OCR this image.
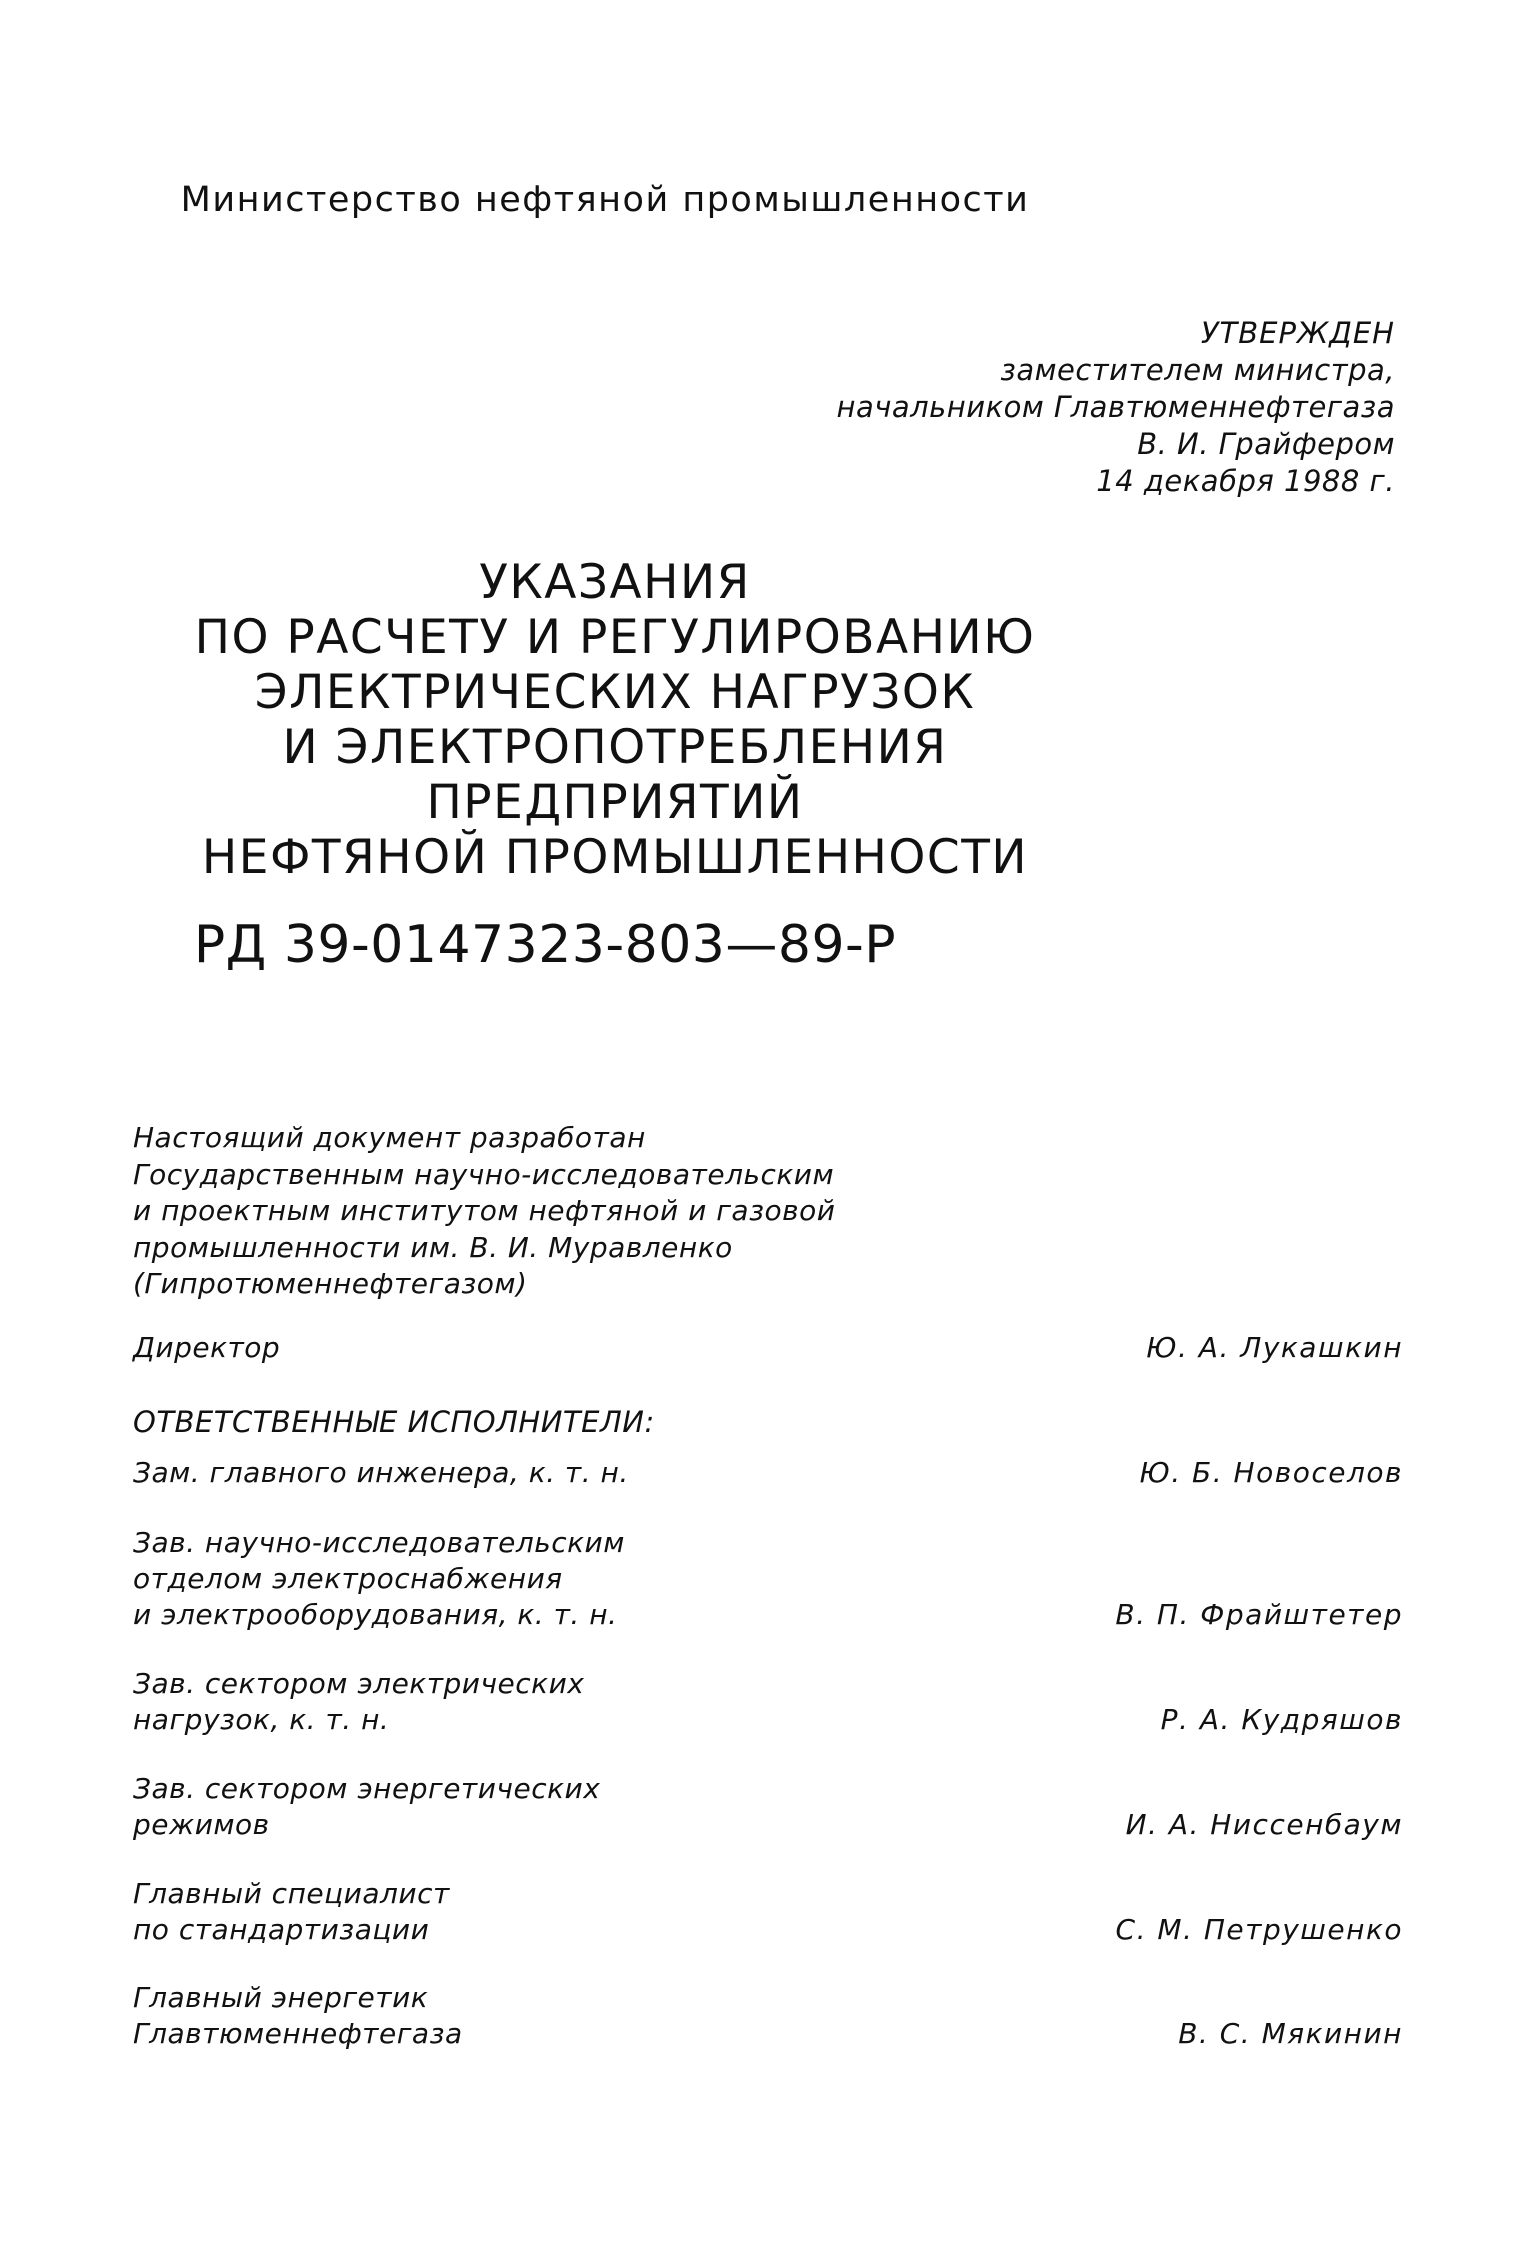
Министерство нефтяной промышленности
УТВЕРЖДЕН
заместителем министра,
начальником Главтюменнефтегаза
В. И. Грайфером
14 декабря 1988 г.
УКАЗАНИЯ
ПО РАСЧЕТУ И РЕГУЛИРОВАНИЮ
ЭЛЕКТРИЧЕСКИХ НАГРУЗОК
И ЭЛЕКТРОПОТРЕБЛЕНИЯ
ПРЕДПРИЯТИЙ
НЕФТЯНОЙ ПРОМЫШЛЕННОСТИ
РД 39-0147323-803—89-Р
Настоящий документ разработан
Государственным научно-исследовательским
и проектным институтом нефтяной и газовой
промышленности им. В. И. Муравленко
(Гипротюменнефтегазом)
Директор	Ю. А. Лукашкин
ОТВЕТСТВЕННЫЕ ИСПОЛНИТЕЛИ:
Зам. главного инженера, к. т. н.	Ю. Б. Новоселов
Зав. научно-исследовательским
отделом электроснабжения
и электрооборудования, к. т. н.	В. П. Фрайштетер
Зав. сектором электрических
нагрузок, к. т. н.	Р. А. Кудряшов
Зав. сектором энергетических
режимов	И. А. Ниссенбаум
Главный специалист
по стандартизации	С. М. Петрушенко
Главный энергетик
Главтюменнефтегаза	В. С. Мякинин
